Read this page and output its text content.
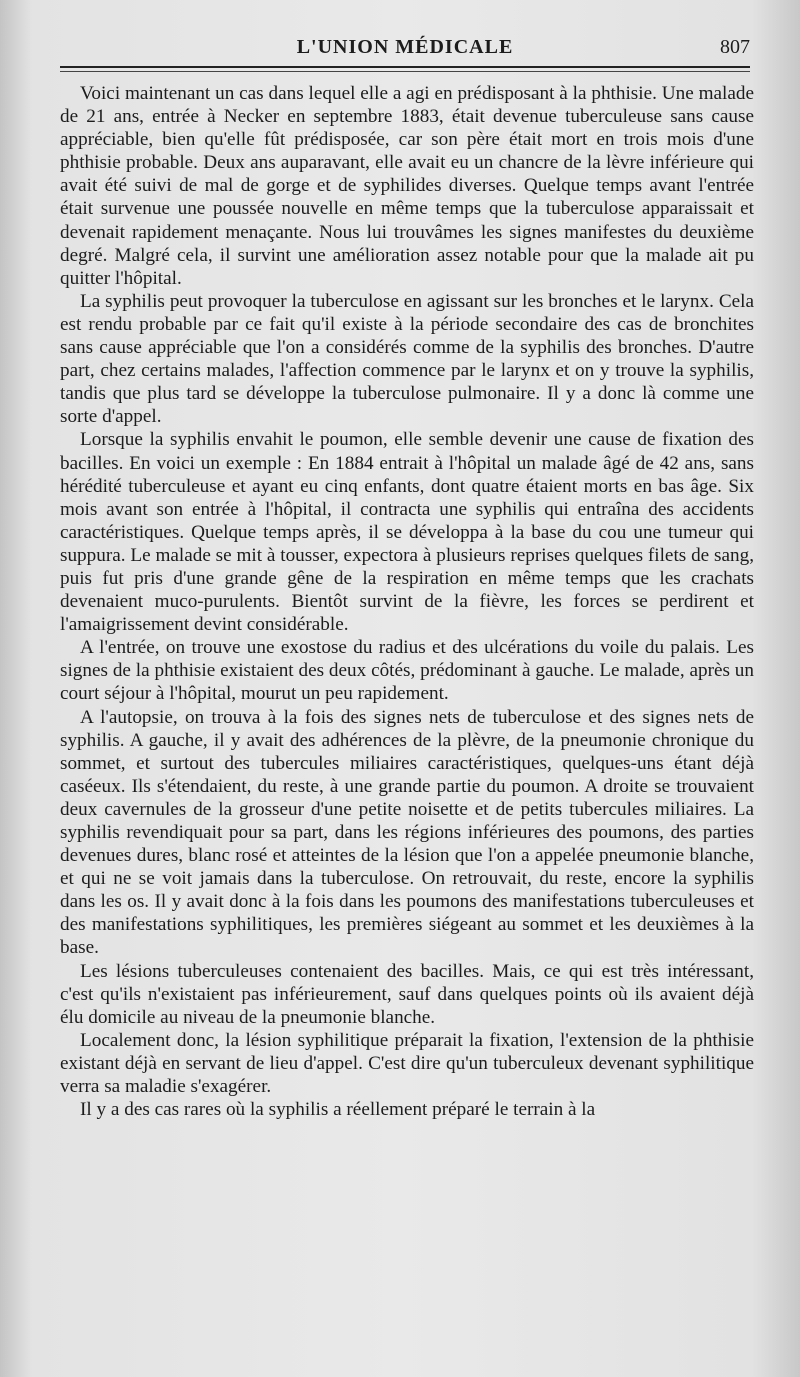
L'UNION MÉDICALE	807

Voici maintenant un cas dans lequel elle a agi en prédisposant à la phthisie. Une malade de 21 ans, entrée à Necker en septembre 1883, était devenue tuberculeuse sans cause appréciable, bien qu'elle fût prédisposée, car son père était mort en trois mois d'une phthisie probable. Deux ans auparavant, elle avait eu un chancre de la lèvre inférieure qui avait été suivi de mal de gorge et de syphilides diverses. Quelque temps avant l'entrée était survenue une poussée nouvelle en même temps que la tuberculose apparaissait et devenait rapidement menaçante. Nous lui trouvâmes les signes manifestes du deuxième degré. Malgré cela, il survint une amélioration assez notable pour que la malade ait pu quitter l'hôpital.

La syphilis peut provoquer la tuberculose en agissant sur les bronches et le larynx. Cela est rendu probable par ce fait qu'il existe à la période secondaire des cas de bronchites sans cause appréciable que l'on a considérés comme de la syphilis des bronches. D'autre part, chez certains malades, l'affection commence par le larynx et on y trouve la syphilis, tandis que plus tard se développe la tuberculose pulmonaire. Il y a donc là comme une sorte d'appel.

Lorsque la syphilis envahit le poumon, elle semble devenir une cause de fixation des bacilles. En voici un exemple : En 1884 entrait à l'hôpital un malade âgé de 42 ans, sans hérédité tuberculeuse et ayant eu cinq enfants, dont quatre étaient morts en bas âge. Six mois avant son entrée à l'hôpital, il contracta une syphilis qui entraîna des accidents caractéristiques. Quelque temps après, il se développa à la base du cou une tumeur qui suppura. Le malade se mit à tousser, expectora à plusieurs reprises quelques filets de sang, puis fut pris d'une grande gêne de la respiration en même temps que les crachats devenaient muco-purulents. Bientôt survint de la fièvre, les forces se perdirent et l'amaigrissement devint considérable.

A l'entrée, on trouve une exostose du radius et des ulcérations du voile du palais. Les signes de la phthisie existaient des deux côtés, prédominant à gauche. Le malade, après un court séjour à l'hôpital, mourut un peu rapidement.

A l'autopsie, on trouva à la fois des signes nets de tuberculose et des signes nets de syphilis. A gauche, il y avait des adhérences de la plèvre, de la pneumonie chronique du sommet, et surtout des tubercules miliaires caractéristiques, quelques-uns étant déjà caséeux. Ils s'étendaient, du reste, à une grande partie du poumon. A droite se trouvaient deux cavernules de la grosseur d'une petite noisette et de petits tubercules miliaires. La syphilis revendiquait pour sa part, dans les régions inférieures des poumons, des parties devenues dures, blanc rosé et atteintes de la lésion que l'on a appelée pneumonie blanche, et qui ne se voit jamais dans la tuberculose. On retrouvait, du reste, encore la syphilis dans les os. Il y avait donc à la fois dans les poumons des manifestations tuberculeuses et des manifestations syphilitiques, les premières siégeant au sommet et les deuxièmes à la base.

Les lésions tuberculeuses contenaient des bacilles. Mais, ce qui est très intéressant, c'est qu'ils n'existaient pas inférieurement, sauf dans quelques points où ils avaient déjà élu domicile au niveau de la pneumonie blanche.

Localement donc, la lésion syphilitique préparait la fixation, l'extension de la phthisie existant déjà en servant de lieu d'appel. C'est dire qu'un tuberculeux devenant syphilitique verra sa maladie s'exagérer.

Il y a des cas rares où la syphilis a réellement préparé le terrain à la
